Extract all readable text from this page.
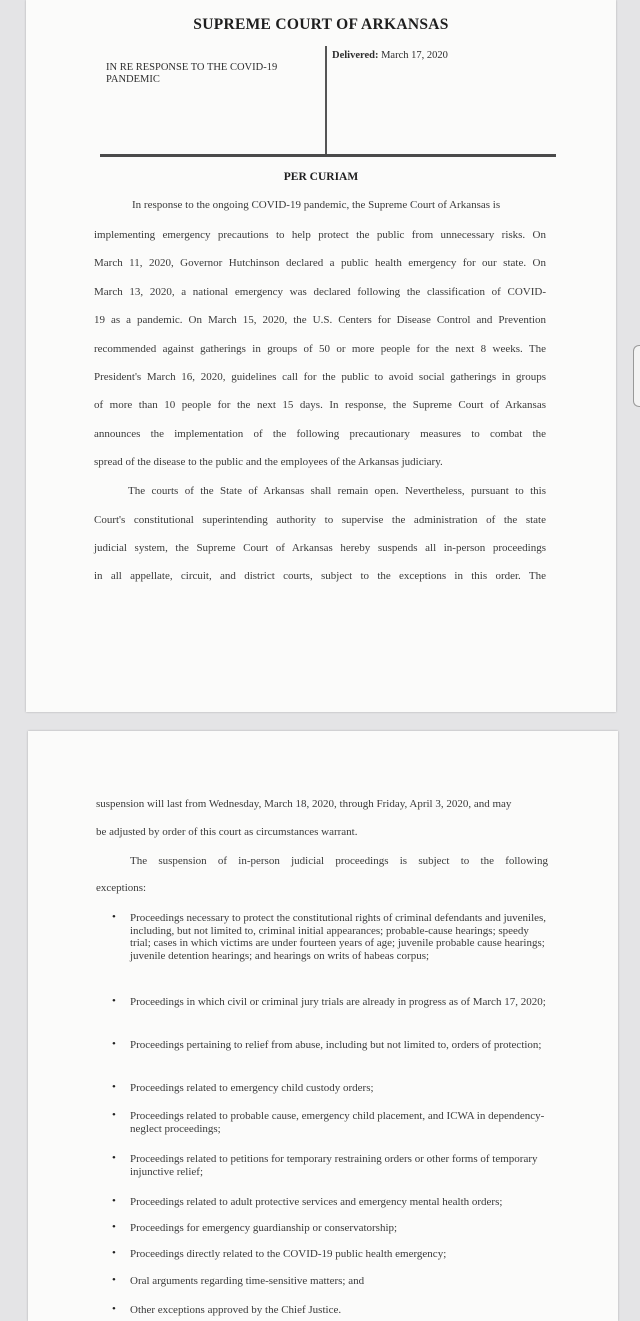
SUPREME COURT OF ARKANSAS
IN RE RESPONSE TO THE COVID-19 PANDEMIC
Delivered: March 17, 2020
PER CURIAM
In response to the ongoing COVID-19 pandemic, the Supreme Court of Arkansas is
implementing emergency precautions to help protect the public from unnecessary risks. On
March 11, 2020, Governor Hutchinson declared a public health emergency for our state. On
March 13, 2020, a national emergency was declared following the classification of COVID-
19 as a pandemic. On March 15, 2020, the U.S. Centers for Disease Control and Prevention
recommended against gatherings in groups of 50 or more people for the next 8 weeks. The
President's March 16, 2020, guidelines call for the public to avoid social gatherings in groups
of more than 10 people for the next 15 days. In response, the Supreme Court of Arkansas
announces the implementation of the following precautionary measures to combat the
spread of the disease to the public and the employees of the Arkansas judiciary.
The courts of the State of Arkansas shall remain open. Nevertheless, pursuant to this
Court's constitutional superintending authority to supervise the administration of the state
judicial system, the Supreme Court of Arkansas hereby suspends all in-person proceedings
in all appellate, circuit, and district courts, subject to the exceptions in this order. The
suspension will last from Wednesday, March 18, 2020, through Friday, April 3, 2020, and may
be adjusted by order of this court as circumstances warrant.
The suspension of in-person judicial proceedings is subject to the following
exceptions:
• Proceedings necessary to protect the constitutional rights of criminal defendants and juveniles, including, but not limited to, criminal initial appearances; probable-cause hearings; speedy trial; cases in which victims are under fourteen years of age; juvenile probable cause hearings; juvenile detention hearings; and hearings on writs of habeas corpus;
• Proceedings in which civil or criminal jury trials are already in progress as of March 17, 2020;
• Proceedings pertaining to relief from abuse, including but not limited to, orders of protection;
• Proceedings related to emergency child custody orders;
• Proceedings related to probable cause, emergency child placement, and ICWA in dependency-neglect proceedings;
• Proceedings related to petitions for temporary restraining orders or other forms of temporary injunctive relief;
• Proceedings related to adult protective services and emergency mental health orders;
• Proceedings for emergency guardianship or conservatorship;
• Proceedings directly related to the COVID-19 public health emergency;
• Oral arguments regarding time-sensitive matters; and
• Other exceptions approved by the Chief Justice.
